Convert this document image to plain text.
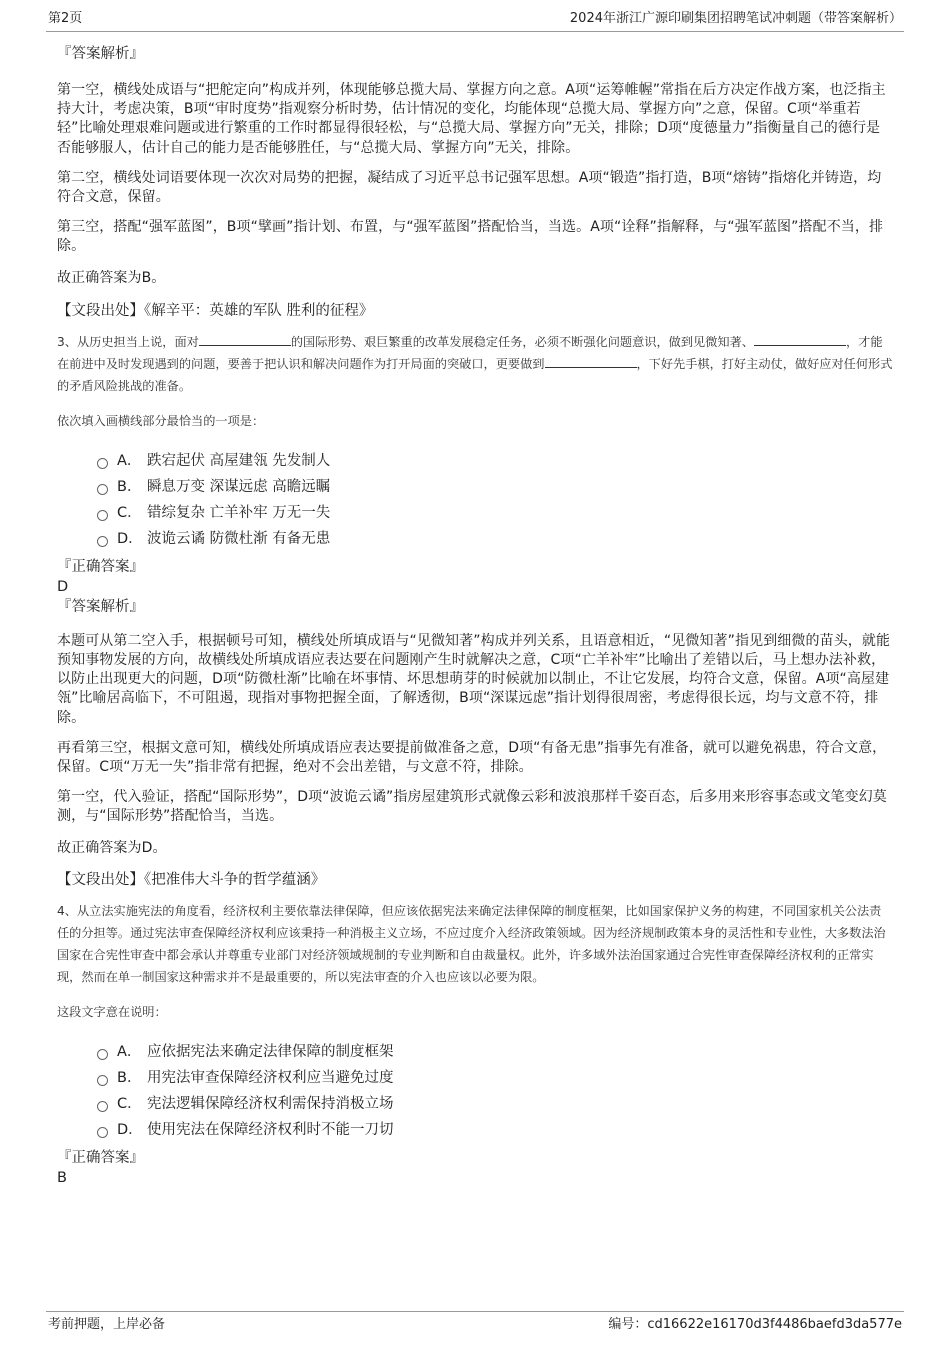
第2页	2024年浙江广源印刷集团招聘笔试冲刺题（带答案解析）

『答案解析』

第一空，横线处成语与“把舵定向”构成并列，体现能够总揽大局、掌握方向之意。A项“运筹帷幄”常指在后方决定作战方案，也泛指主持大计，考虑决策，B项“审时度势”指观察分析时势，估计情况的变化，均能体现“总揽大局、掌握方向”之意，保留。C项“举重若轻”比喻处理艰难问题或进行繁重的工作时都显得很轻松，与“总揽大局、掌握方向”无关，排除；D项“度德量力”指衡量自己的德行是否能够服人，估计自己的能力是否能够胜任，与“总揽大局、掌握方向”无关，排除。

第二空，横线处词语要体现一次次对局势的把握，凝结成了习近平总书记强军思想。A项“锻造”指打造，B项“熔铸”指熔化并铸造，均符合文意，保留。

第三空，搭配“强军蓝图”，B项“擘画”指计划、布置，与“强军蓝图”搭配恰当，当选。A项“诠释”指解释，与“强军蓝图”搭配不当，排除。

故正确答案为B。

【文段出处】《解辛平：英雄的军队 胜利的征程》

3、从历史担当上说，面对	的国际形势、艰巨繁重的改革发展稳定任务，必须不断强化问题意识，做到见微知著、	，才能在前进中及时发现遇到的问题，要善于把认识和解决问题作为打开局面的突破口，更要做到	，下好先手棋，打好主动仗，做好应对任何形式的矛盾风险挑战的准备。

依次填入画横线部分最恰当的一项是：

A． 跌宕起伏 高屋建瓴 先发制人
B． 瞬息万变 深谋远虑 高瞻远瞩
C． 错综复杂 亡羊补牢 万无一失
D． 波诡云谲 防微杜渐 有备无患

『正确答案』

D

『答案解析』

本题可从第二空入手，根据顿号可知，横线处所填成语与“见微知著”构成并列关系，且语意相近，“见微知著”指见到细微的苗头，就能预知事物发展的方向，故横线处所填成语应表达要在问题刚产生时就解决之意，C项“亡羊补牢”比喻出了差错以后，马上想办法补救，以防止出现更大的问题，D项“防微杜渐”比喻在坏事情、坏思想萌芽的时候就加以制止，不让它发展，均符合文意，保留。A项“高屋建瓴”比喻居高临下，不可阻遏，现指对事物把握全面，了解透彻，B项“深谋远虑”指计划得很周密，考虑得很长远，均与文意不符，排除。

再看第三空，根据文意可知，横线处所填成语应表达要提前做准备之意，D项“有备无患”指事先有准备，就可以避免祸患，符合文意，保留。C项“万无一失”指非常有把握，绝对不会出差错，与文意不符，排除。

第一空，代入验证，搭配“国际形势”，D项“波诡云谲”指房屋建筑形式就像云彩和波浪那样千姿百态，后多用来形容事态或文笔变幻莫测，与“国际形势”搭配恰当，当选。

故正确答案为D。

【文段出处】《把准伟大斗争的哲学蕴涵》

4、从立法实施宪法的角度看，经济权利主要依靠法律保障，但应该依据宪法来确定法律保障的制度框架，比如国家保护义务的构建，不同国家机关公法责任的分担等。通过宪法审查保障经济权利应该秉持一种消极主义立场，不应过度介入经济政策领域。因为经济规制政策本身的灵活性和专业性，大多数法治国家在合宪性审查中都会承认并尊重专业部门对经济领域规制的专业判断和自由裁量权。此外，许多域外法治国家通过合宪性审查保障经济权利的正常实现，然而在单一制国家这种需求并不是最重要的，所以宪法审查的介入也应该以必要为限。

这段文字意在说明：

A． 应依据宪法来确定法律保障的制度框架
B． 用宪法审查保障经济权利应当避免过度
C． 宪法逻辑保障经济权利需保持消极立场
D． 使用宪法在保障经济权利时不能一刀切

『正确答案』

B

考前押题，上岸必备	编号：cd16622e16170d3f4486baefd3da577e
